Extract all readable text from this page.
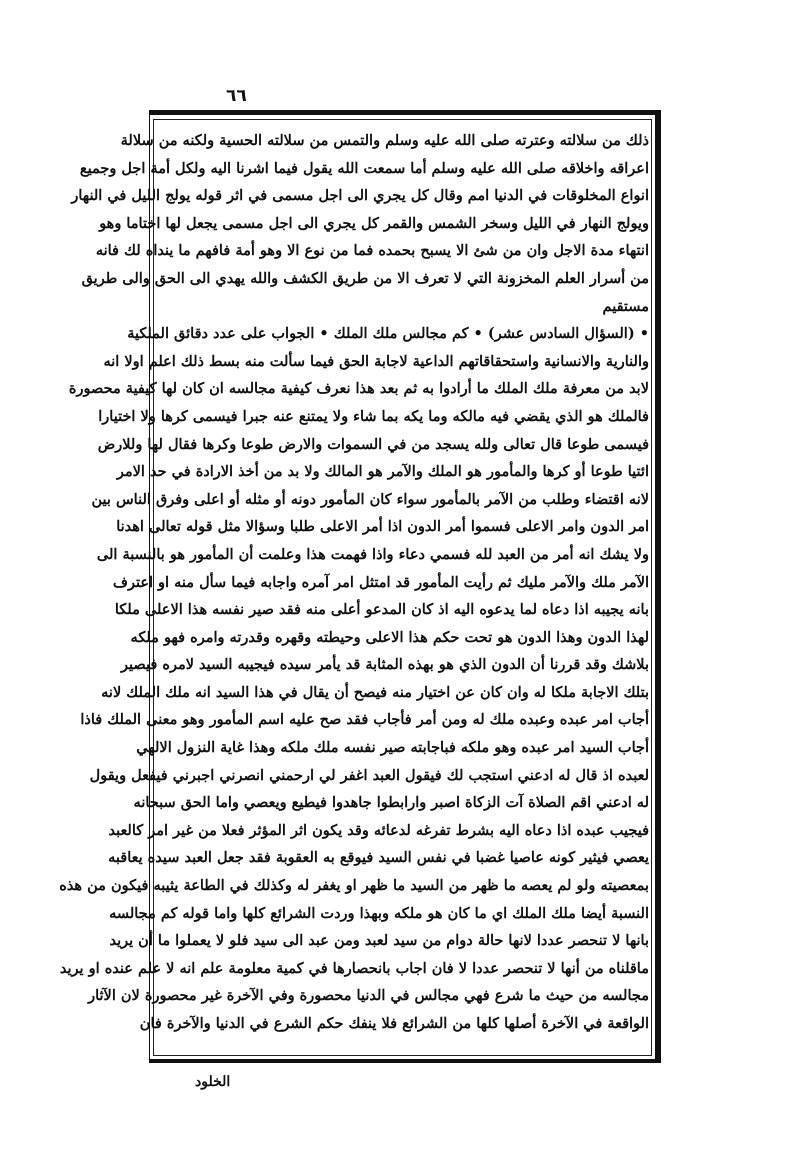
٦٦
ذلك من سلالته وعترته صلى الله عليه وسلم والتمس من سلالته الحسية ولكنه من سلالة
اعراقه واخلاقه صلى الله عليه وسلم أما سمعت الله يقول فيما اشرنا اليه ولكل أمة اجل وجميع
انواع المخلوقات في الدنيا امم وقال كل يجري الى اجل مسمى في اثر قوله يولج الليل في النهار
ويولج النهار في الليل وسخر الشمس والقمر كل يجري الى اجل مسمى يجعل لها اختاما وهو
انتهاء مدة الاجل وان من شئ الا يسبح بحمده فما من نوع الا وهو أمة فافهم ما ينداه لك فانه
من أسرار العلم المخزونة التي لا تعرف الا من طريق الكشف والله يهدي الى الحق والى طريق
مستقيم
• (السؤال السادس عشر) • كم مجالس ملك الملك • الجواب على عدد دقائق الملكية
والنارية والانسانية واستحقاقاتهم الداعية لاجابة الحق فيما سألت منه بسط ذلك اعلم اولا انه
لابد من معرفة ملك الملك ما أرادوا به ثم بعد هذا نعرف كيفية مجالسه ان كان لها كيفية محصورة
فالملك هو الذي يقضي فيه مالكه وما يكه بما شاء ولا يمتنع عنه جبرا فيسمى كرها ولا اختيارا
فيسمى طوعا قال تعالى ولله يسجد من في السموات والارض طوعا وكرها فقال لها وللارض
ائتيا طوعا أو كرها والمأمور هو الملك والآمر هو المالك ولا بد من أخذ الارادة في حد الامر
لانه اقتضاء وطلب من الآمر بالمأمور سواء كان المأمور دونه أو مثله أو اعلى وفرق الناس بين
امر الدون وامر الاعلى فسموا أمر الدون اذا أمر الاعلى طلبا وسؤالا مثل قوله تعالى اهدنا
ولا يشك انه أمر من العبد لله فسمي دعاء واذا فهمت هذا وعلمت أن المأمور هو بالنسبة الى
الآمر ملك والآمر مليك ثم رأيت المأمور قد امتثل امر آمره واجابه فيما سأل منه او اعترف
بانه يجيبه اذا دعاه لما يدعوه اليه اذ كان المدعو أعلى منه فقد صير نفسه هذا الاعلى ملكا
لهذا الدون وهذا الدون هو تحت حكم هذا الاعلى وحيطته وقهره وقدرته وامره فهو ملكه
بلاشك وقد قررنا أن الدون الذي هو بهذه المثابة قد يأمر سيده فيجيبه السيد لامره فيصير
بتلك الاجابة ملكا له وان كان عن اختيار منه فيصح أن يقال في هذا السيد انه ملك الملك لانه
أجاب امر عبده وعبده ملك له ومن أمر فأجاب فقد صح عليه اسم المأمور وهو معنى الملك فاذا
أجاب السيد امر عبده وهو ملكه فباجابته صير نفسه ملك ملكه وهذا غاية النزول الالهي
لعبده اذ قال له ادعني استجب لك فيقول العبد اغفر لي ارحمني انصرني اجبرني فيفعل ويقول
له ادعني اقم الصلاة آت الزكاة اصبر وارابطوا جاهدوا فيطيع ويعصي واما الحق سبحانه
فيجيب عبده اذا دعاه اليه بشرط تفرغه لدعائه وقد يكون اثر المؤثر فعلا من غير امر كالعبد
يعصي فيثير كونه عاصيا غضبا في نفس السيد فيوقع به العقوبة فقد جعل العبد سيده يعاقبه
بمعصيته ولو لم يعصه ما ظهر من السيد ما ظهر او يغفر له وكذلك في الطاعة يثيبه فيكون من هذه
النسبة أيضا ملك الملك اي ما كان هو ملكه وبهذا وردت الشرائع كلها واما قوله كم مجالسه
بانها لا تنحصر عددا لانها حالة دوام من سيد لعبد ومن عبد الى سيد فلو لا يعملوا ما أن يريد
ماقلناه من أنها لا تنحصر عددا لا فان اجاب بانحصارها في كمية معلومة علم انه لا علم عنده او يريد
مجالسه من حيث ما شرع فهي مجالس في الدنيا محصورة وفي الآخرة غير محصورة لان الآثار
الواقعة في الآخرة أصلها كلها من الشرائع فلا ينفك حكم الشرع في الدنيا والآخرة فان
الخلود
